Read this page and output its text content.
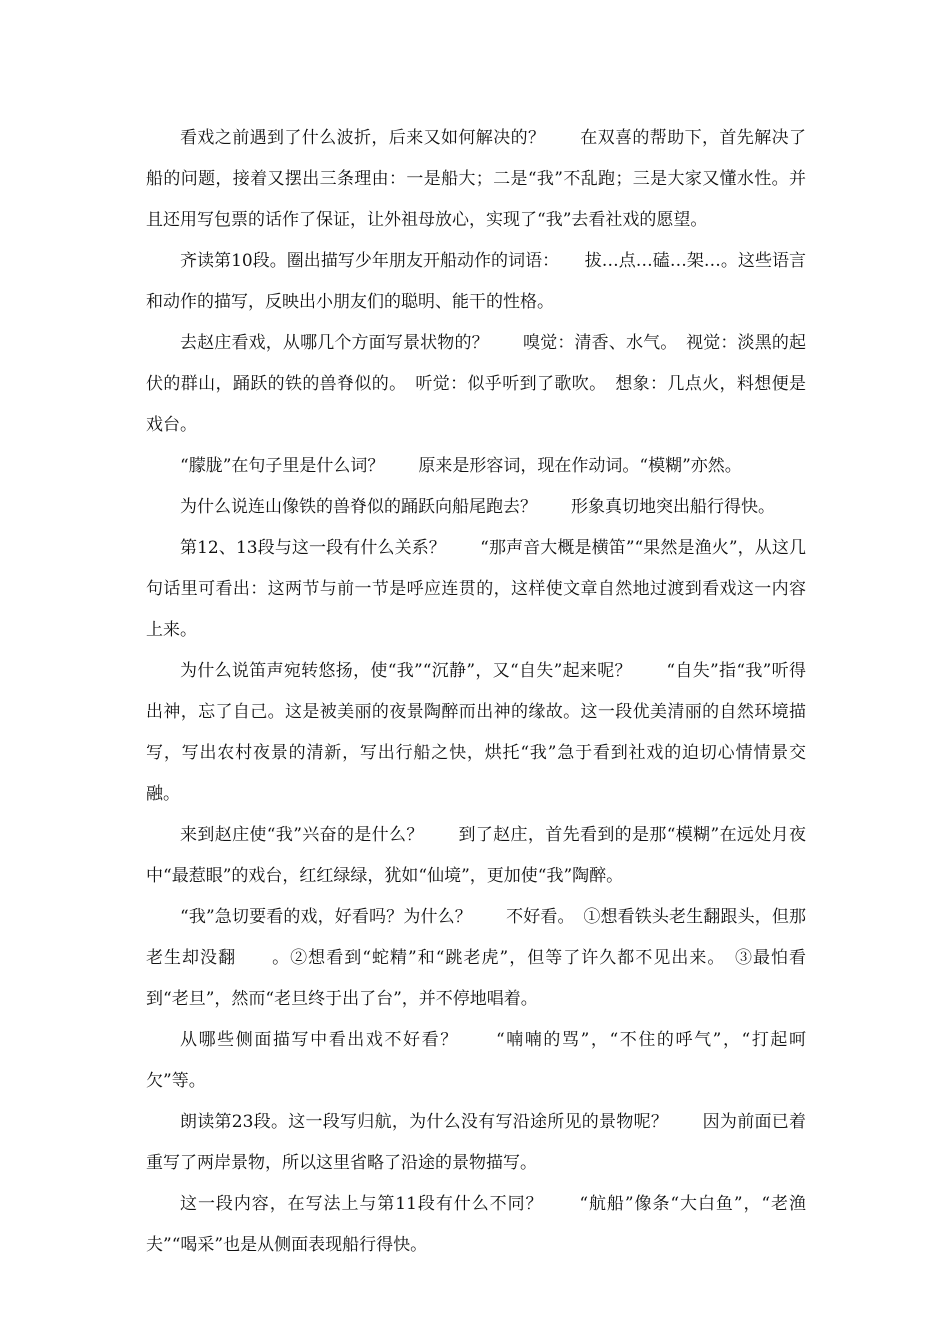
看戏之前遇到了什么波折，后来又如何解决的？　　在双喜的帮助下，首先解决了船的问题，接着又摆出三条理由：一是船大；二是“我”不乱跑；三是大家又懂水性。并且还用写包票的话作了保证，让外祖母放心，实现了“我”去看社戏的愿望。

齐读第10段。圈出描写少年朋友开船动作的词语：　　拔…点…磕…架…。这些语言和动作的描写，反映出小朋友们的聪明、能干的性格。

去赵庄看戏，从哪几个方面写景状物的？　　嗅觉：清香、水气。　视觉：淡黑的起伏的群山，踊跃的铁的兽脊似的。　听觉：似乎听到了歌吹。　想象：几点火，料想便是戏台。

“朦胧”在句子里是什么词？　　原来是形容词，现在作动词。“模糊”亦然。

为什么说连山像铁的兽脊似的踊跃向船尾跑去？　　形象真切地突出船行得快。

第12、13段与这一段有什么关系？　　“那声音大概是横笛”“果然是渔火”，从这几句话里可看出：这两节与前一节是呼应连贯的，这样使文章自然地过渡到看戏这一内容上来。

为什么说笛声宛转悠扬，使“我”“沉静”，又“自失”起来呢？　　“自失”指“我”听得出神，忘了自己。这是被美丽的夜景陶醉而出神的缘故。这一段优美清丽的自然环境描写，写出农村夜景的清新，写出行船之快，烘托“我”急于看到社戏的迫切心情情景交融。

来到赵庄使“我”兴奋的是什么？　　到了赵庄，首先看到的是那“模糊”在远处月夜中“最惹眼”的戏台，红红绿绿，犹如“仙境”，更加使“我”陶醉。

“我”急切要看的戏，好看吗？为什么？　　不好看。　①想看铁头老生翻跟头，但那老生却没翻　　。②想看到“蛇精”和“跳老虎”，但等了许久都不见出来。　③最怕看到“老旦”，然而“老旦终于出了台”，并不停地唱着。

从哪些侧面描写中看出戏不好看？　　“喃喃的骂”，“不住的呼气”，“打起呵欠”等。

朗读第23段。这一段写归航，为什么没有写沿途所见的景物呢？　　因为前面已着重写了两岸景物，所以这里省略了沿途的景物描写。

这一段内容，在写法上与第11段有什么不同？　　“航船”像条“大白鱼”，“老渔夫”“喝采”也是从侧面表现船行得快。
